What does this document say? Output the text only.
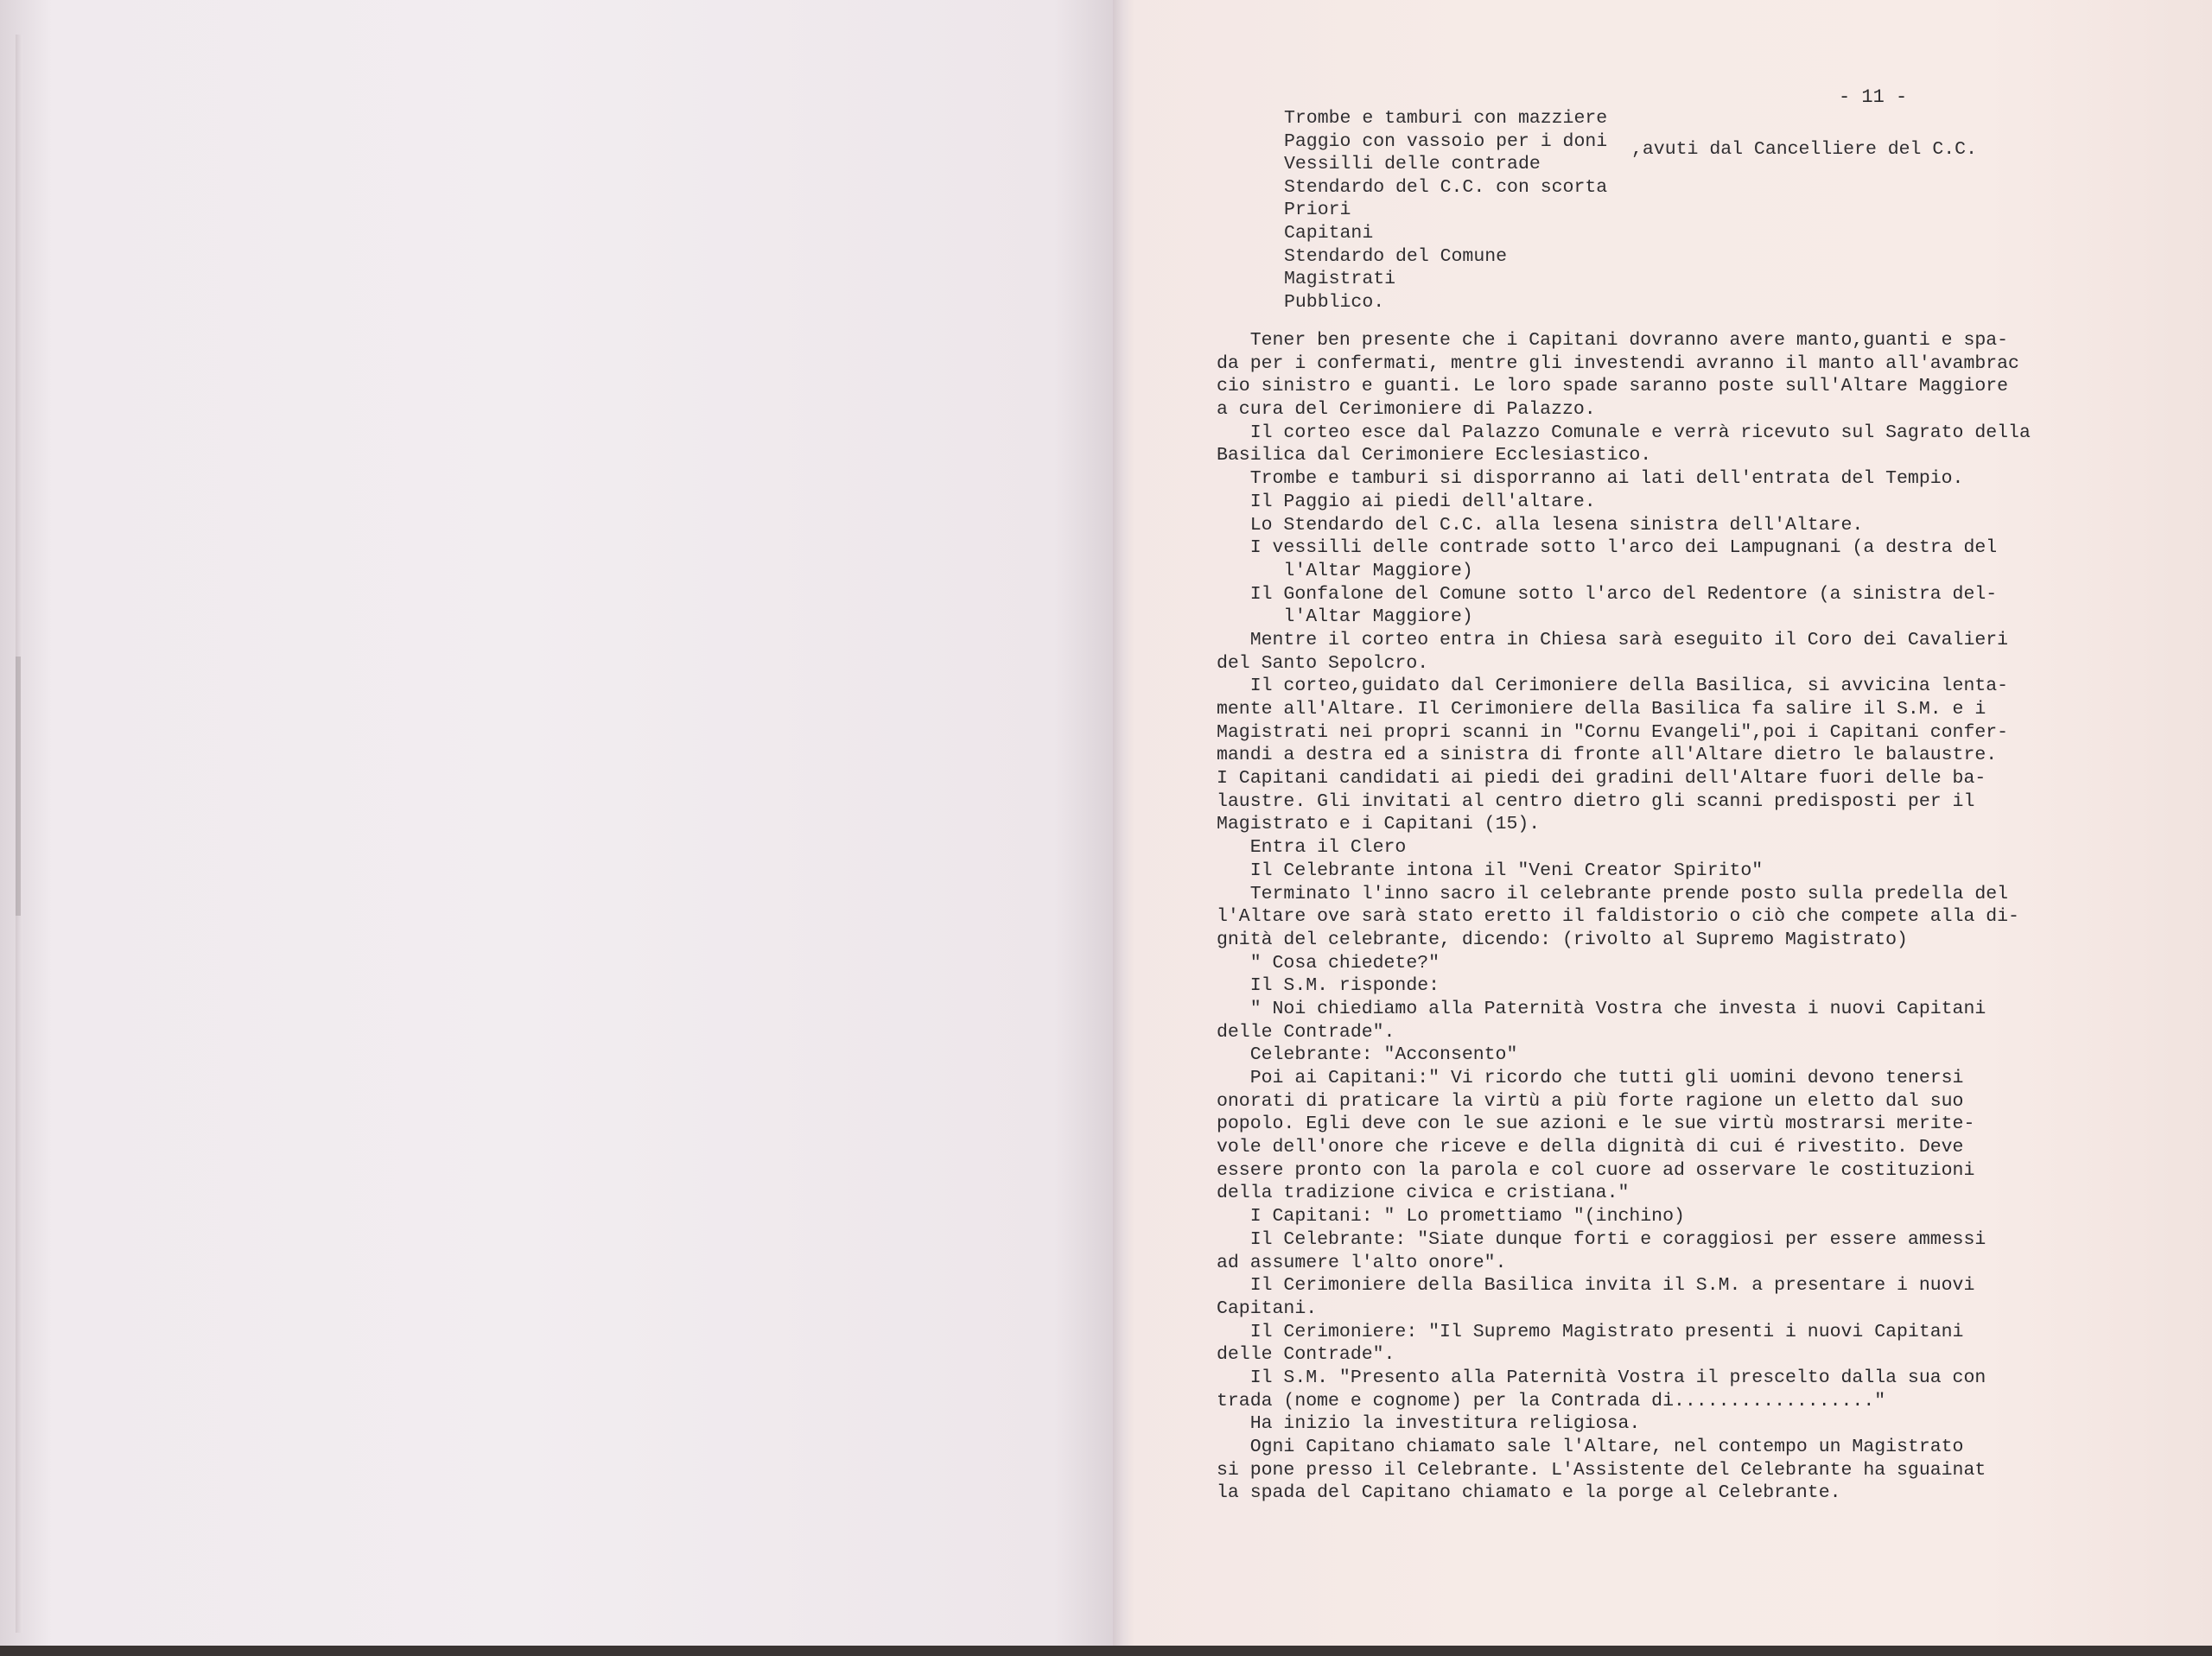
- 11 -
Trombe e tamburi con mazziere
Paggio con vassoio per i doni
Vessilli delle contrade
Stendardo del C.C. con scorta
Priori
Capitani
Stendardo del Comune
Magistrati
Pubblico.
,avuti dal Cancelliere del C.C.
Tener ben presente che i Capitani dovranno avere manto,guanti e spa-
da per i confermati, mentre gli investendi avranno il manto all'avambrac
cio sinistro e guanti. Le loro spade saranno poste sull'Altare Maggiore
a cura del Cerimoniere di Palazzo.
Il corteo esce dal Palazzo Comunale e verrà ricevuto sul Sagrato della
Basilica dal Cerimoniere Ecclesiastico.
Trombe e tamburi si disporranno ai lati dell'entrata del Tempio.
Il Paggio ai piedi dell'altare.
Lo Stendardo del C.C. alla lesena sinistra dell'Altare.
I vessilli delle contrade sotto l'arco dei Lampugnani (a destra del
l'Altar Maggiore)
Il Gonfalone del Comune sotto l'arco del Redentore (a sinistra del-
l'Altar Maggiore)
Mentre il corteo entra in Chiesa sarà eseguito il Coro dei Cavalieri
del Santo Sepolcro.
Il corteo,guidato dal Cerimoniere della Basilica, si avvicina lenta-
mente all'Altare. Il Cerimoniere della Basilica fa salire il S.M. e i
Magistrati nei propri scanni in "Cornu Evangeli",poi i Capitani confer-
mandi a destra ed a sinistra di fronte all'Altare dietro le balaustre.
I Capitani candidati ai piedi dei gradini dell'Altare fuori delle ba-
laustre. Gli invitati al centro dietro gli scanni predisposti per il
Magistrato e i Capitani (15).
Entra il Clero
Il Celebrante intona il "Veni Creator Spirito"
Terminato l'inno sacro il celebrante prende posto sulla predella del
l'Altare ove sarà stato eretto il faldistorio o ciò che compete alla di-
gnità del celebrante, dicendo: (rivolto al Supremo Magistrato)
" Cosa chiedete?"
Il S.M. risponde:
" Noi chiediamo alla Paternità Vostra che investa i nuovi Capitani
delle Contrade".
Celebrante: "Acconsento"
Poi ai Capitani:" Vi ricordo che tutti gli uomini devono tenersi
onorati di praticare la virtù a più forte ragione un eletto dal suo
popolo. Egli deve con le sue azioni e le sue virtù mostrarsi merite-
vole dell'onore che riceve e della dignità di cui é rivestito. Deve
essere pronto con la parola e col cuore ad osservare le costituzioni
della tradizione civica e cristiana."
I Capitani: " Lo promettiamo "(inchino)
Il Celebrante: "Siate dunque forti e coraggiosi per essere ammessi
ad assumere l'alto onore".
Il Cerimoniere della Basilica invita il S.M. a presentare i nuovi
Capitani.
Il Cerimoniere: "Il Supremo Magistrato presenti i nuovi Capitani
delle Contrade".
Il S.M. "Presento alla Paternità Vostra il prescelto dalla sua con
trada (nome e cognome) per la Contrada di.................."
Ha inizio la investitura religiosa.
Ogni Capitano chiamato sale l'Altare, nel contempo un Magistrato
si pone presso il Celebrante. L'Assistente del Celebrante ha sguainat
la spada del Capitano chiamato e la porge al Celebrante.
